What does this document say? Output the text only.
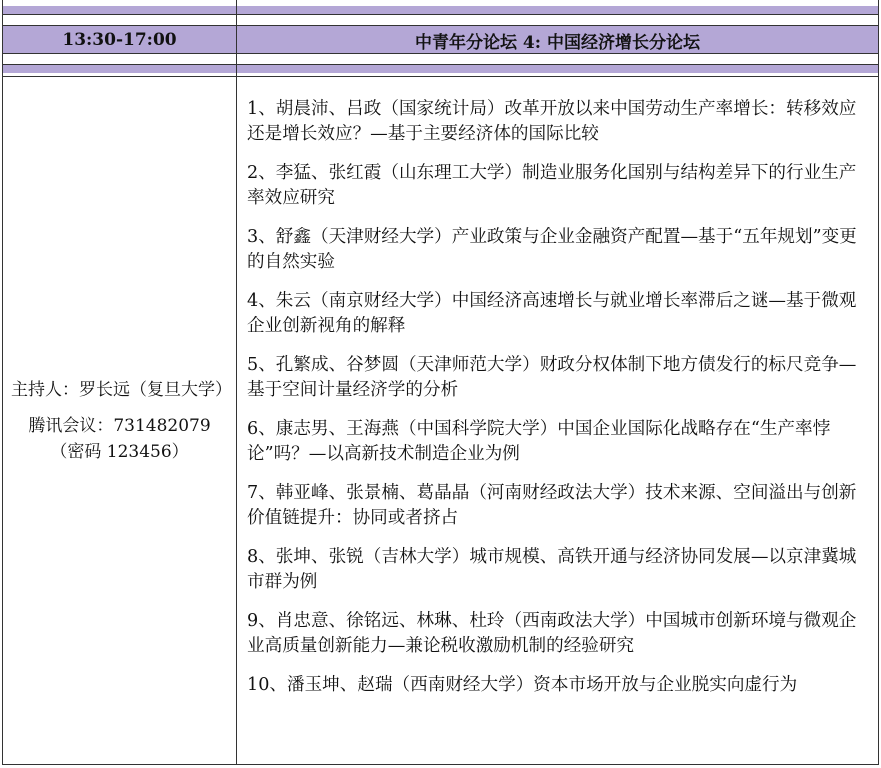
13:30-17:00	中青年分论坛 4: 中国经济增长分论坛

主持人：罗长远（复旦大学）

腾讯会议：731482079

（密码 123456）

1、胡晨沛、吕政（国家统计局）改革开放以来中国劳动生产率增长：转移效应还是增长效应？—基于主要经济体的国际比较

2、李猛、张红霞（山东理工大学）制造业服务化国别与结构差异下的行业生产率效应研究

3、舒鑫（天津财经大学）产业政策与企业金融资产配置—基于“五年规划”变更的自然实验

4、朱云（南京财经大学）中国经济高速增长与就业增长率滞后之谜—基于微观企业创新视角的解释

5、孔繁成、谷梦圆（天津师范大学）财政分权体制下地方债发行的标尺竞争—基于空间计量经济学的分析

6、康志男、王海燕（中国科学院大学）中国企业国际化战略存在“生产率悖论”吗？—以高新技术制造企业为例

7、韩亚峰、张景楠、葛晶晶（河南财经政法大学）技术来源、空间溢出与创新价值链提升：协同或者挤占

8、张坤、张锐（吉林大学）城市规模、高铁开通与经济协同发展—以京津冀城市群为例

9、肖忠意、徐铭远、林琳、杜玲（西南政法大学）中国城市创新环境与微观企业高质量创新能力—兼论税收激励机制的经验研究

10、潘玉坤、赵瑞（西南财经大学）资本市场开放与企业脱实向虚行为
